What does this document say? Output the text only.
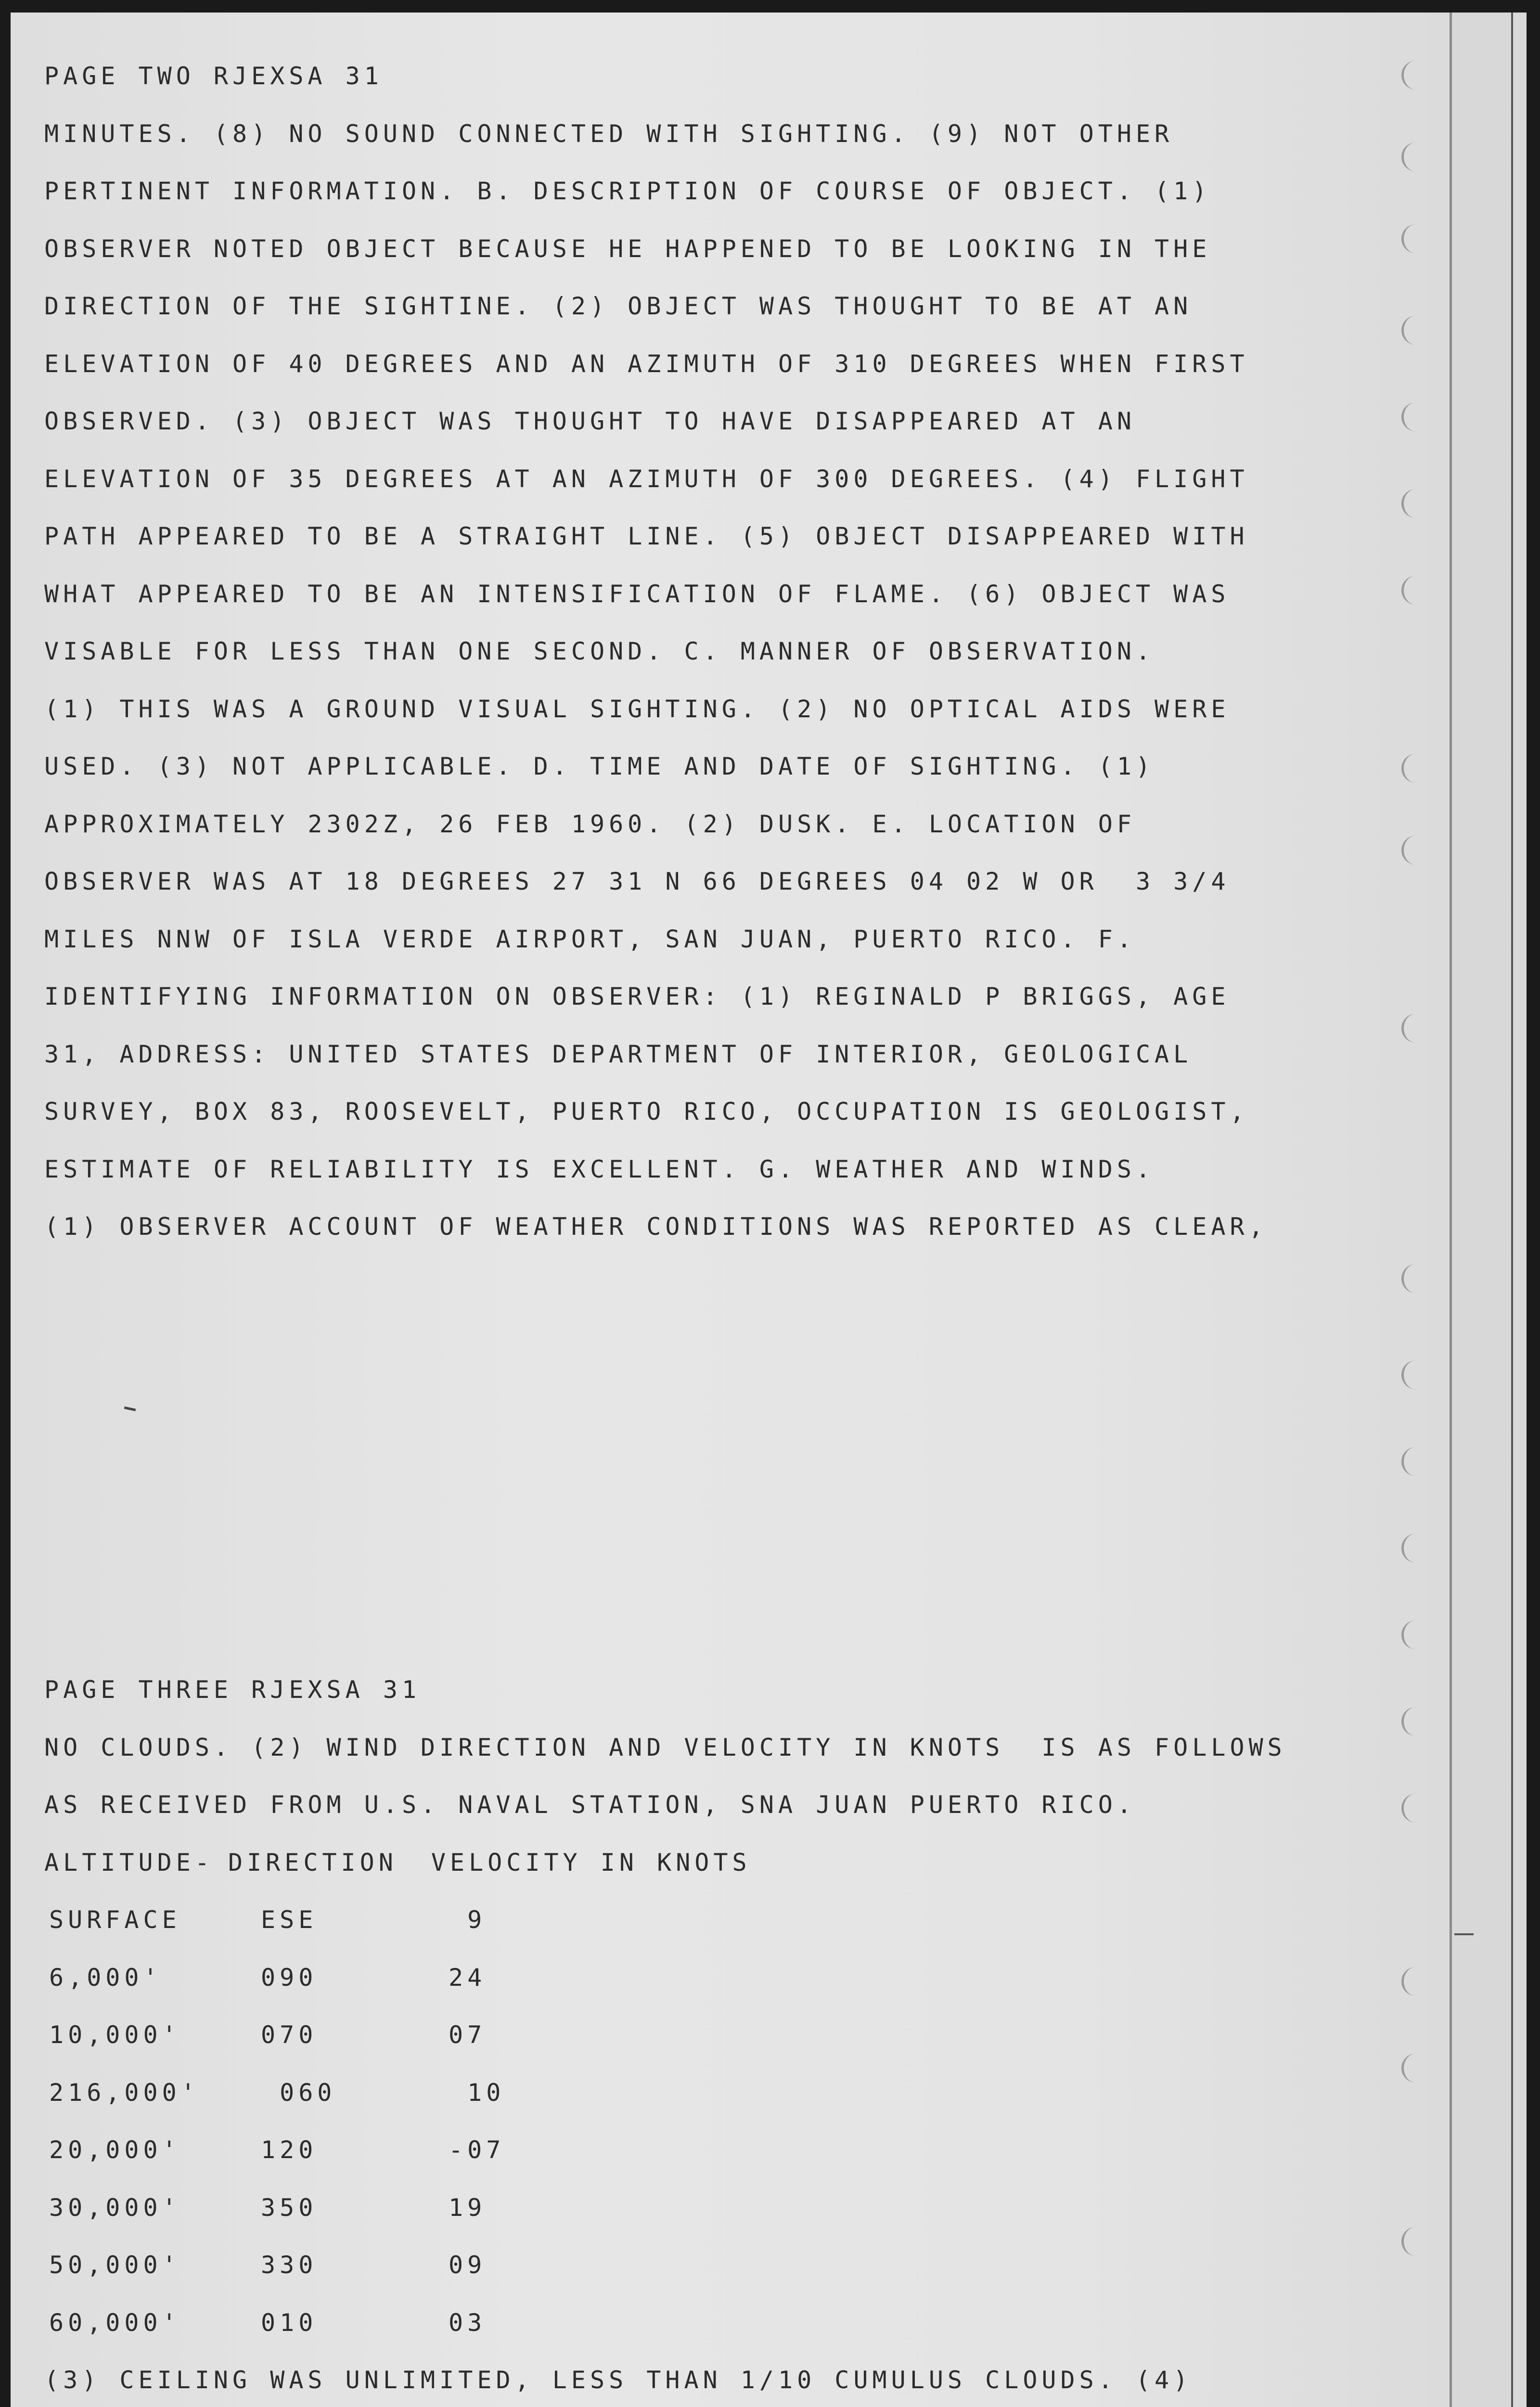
PAGE TWO RJEXSA 31
MINUTES. (8) NO SOUND CONNECTED WITH SIGHTING. (9) NOT OTHER
PERTINENT INFORMATION. B. DESCRIPTION OF COURSE OF OBJECT. (1)
OBSERVER NOTED OBJECT BECAUSE HE HAPPENED TO BE LOOKING IN THE
DIRECTION OF THE SIGHTINE. (2) OBJECT WAS THOUGHT TO BE AT AN
ELEVATION OF 40 DEGREES AND AN AZIMUTH OF 310 DEGREES WHEN FIRST
OBSERVED. (3) OBJECT WAS THOUGHT TO HAVE DISAPPEARED AT AN
ELEVATION OF 35 DEGREES AT AN AZIMUTH OF 300 DEGREES. (4) FLIGHT
PATH APPEARED TO BE A STRAIGHT LINE. (5) OBJECT DISAPPEARED WITH
WHAT APPEARED TO BE AN INTENSIFICATION OF FLAME. (6) OBJECT WAS
VISABLE FOR LESS THAN ONE SECOND. C. MANNER OF OBSERVATION.
(1) THIS WAS A GROUND VISUAL SIGHTING. (2) NO OPTICAL AIDS WERE
USED. (3) NOT APPLICABLE. D. TIME AND DATE OF SIGHTING. (1)
APPROXIMATELY 2302Z, 26 FEB 1960. (2) DUSK. E. LOCATION OF
OBSERVER WAS AT 18 DEGREES 27 31 N 66 DEGREES 04 02 W OR  3 3/4
MILES NNW OF ISLA VERDE AIRPORT, SAN JUAN, PUERTO RICO. F.
IDENTIFYING INFORMATION ON OBSERVER: (1) REGINALD P BRIGGS, AGE
31, ADDRESS: UNITED STATES DEPARTMENT OF INTERIOR, GEOLOGICAL
SURVEY, BOX 83, ROOSEVELT, PUERTO RICO, OCCUPATION IS GEOLOGIST,
ESTIMATE OF RELIABILITY IS EXCELLENT. G. WEATHER AND WINDS.
(1) OBSERVER ACCOUNT OF WEATHER CONDITIONS WAS REPORTED AS CLEAR,
PAGE THREE RJEXSA 31
NO CLOUDS. (2) WIND DIRECTION AND VELOCITY IN KNOTS  IS AS FOLLOWS
AS RECEIVED FROM U.S. NAVAL STATION, SNA JUAN PUERTO RICO.
ALTITUDE - DIRECTION	VELOCITY IN KNOTS
SURFACE	ESE	9
6,000'	090	24
10,000'	070	07
216,000'	060	10
20,000'	120	-07
30,000'	350	19
50,000'	330	09
60,000'	010	03
(3) CEILING WAS UNLIMITED, LESS THAN 1/10 CUMULUS CLOUDS. (4)
